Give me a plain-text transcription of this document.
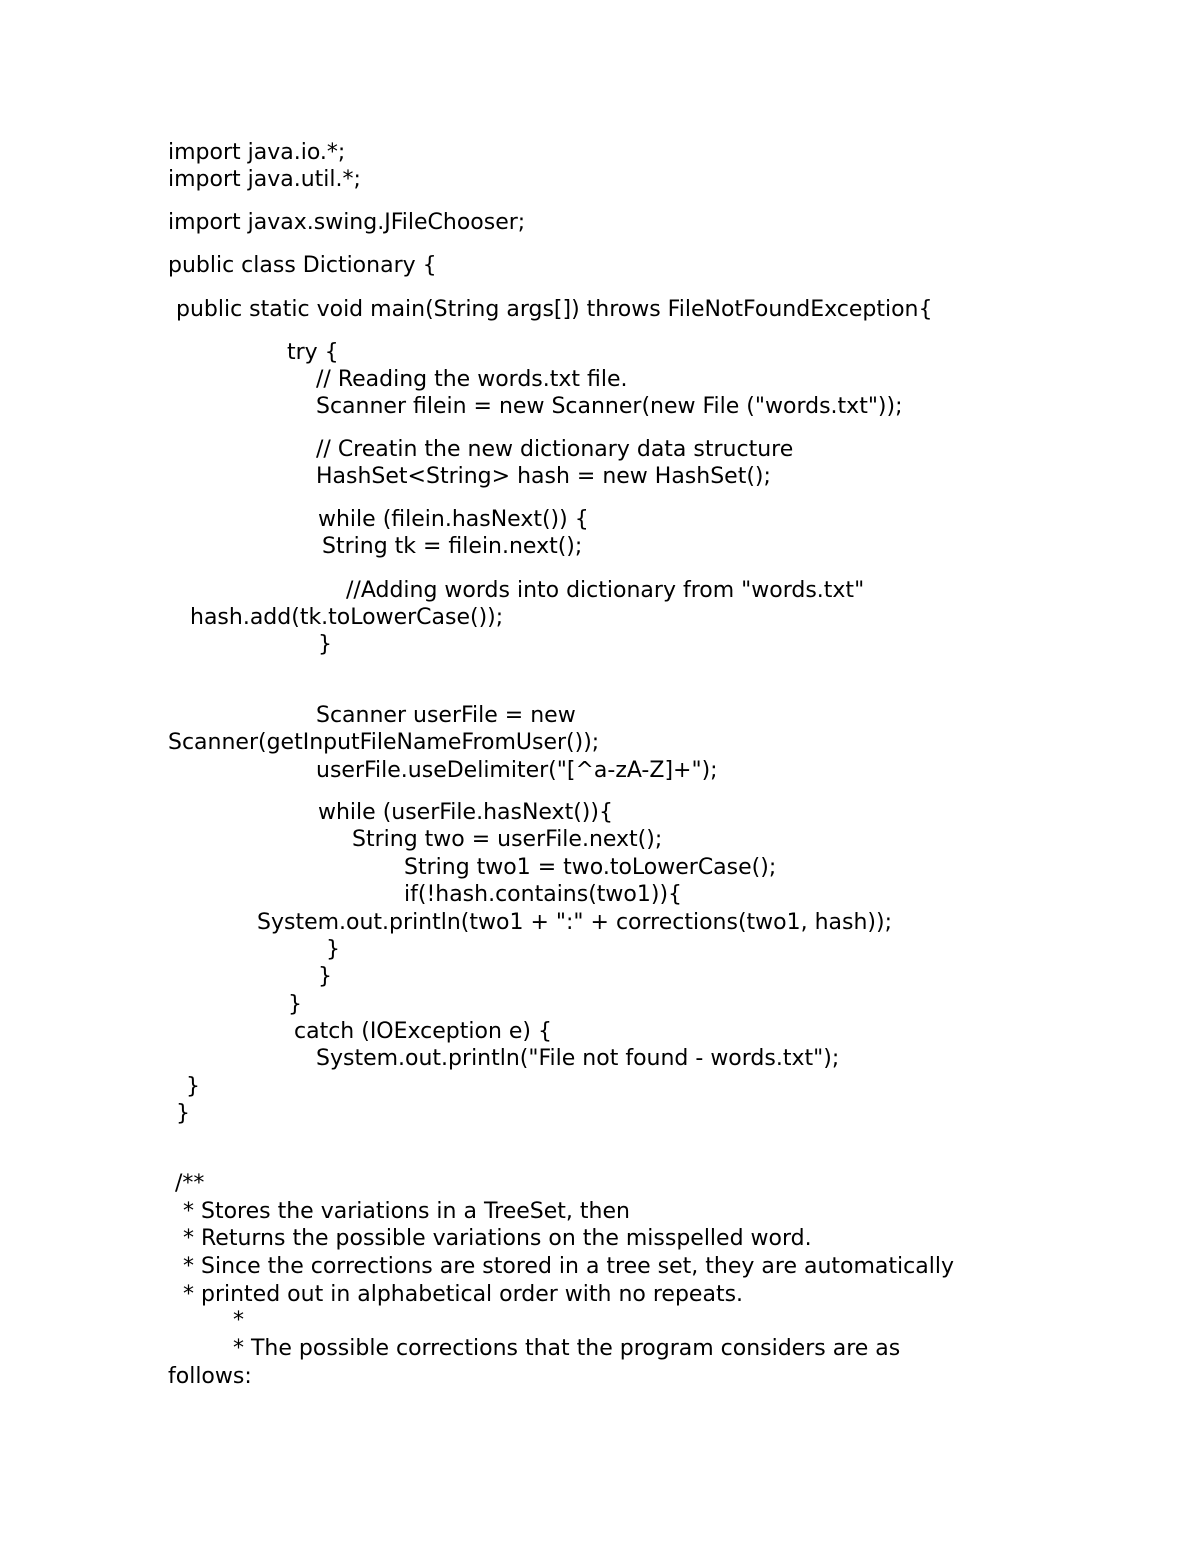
import java.io.*;
import java.util.*;
import javax.swing.JFileChooser;
public class Dictionary {
public static void main(String args[]) throws FileNotFoundException{
try {
// Reading the words.txt file.
Scanner filein = new Scanner(new File ("words.txt"));
// Creatin the new dictionary data structure
HashSet<String> hash = new HashSet();
while (filein.hasNext()) {
String tk = filein.next();
//Adding words into dictionary from "words.txt"
hash.add(tk.toLowerCase());
}
Scanner userFile = new
Scanner(getInputFileNameFromUser());
userFile.useDelimiter("[^a-zA-Z]+");
while (userFile.hasNext()){
String two = userFile.next();
String two1 = two.toLowerCase();
if(!hash.contains(two1)){
System.out.println(two1 + ":" + corrections(two1, hash));
}
}
}
catch (IOException e) {
System.out.println("File not found - words.txt");
}
}
/**
* Stores the variations in a TreeSet, then
* Returns the possible variations on the misspelled word.
* Since the corrections are stored in a tree set, they are automatically
* printed out in alphabetical order with no repeats.
*
* The possible corrections that the program considers are as
follows:
